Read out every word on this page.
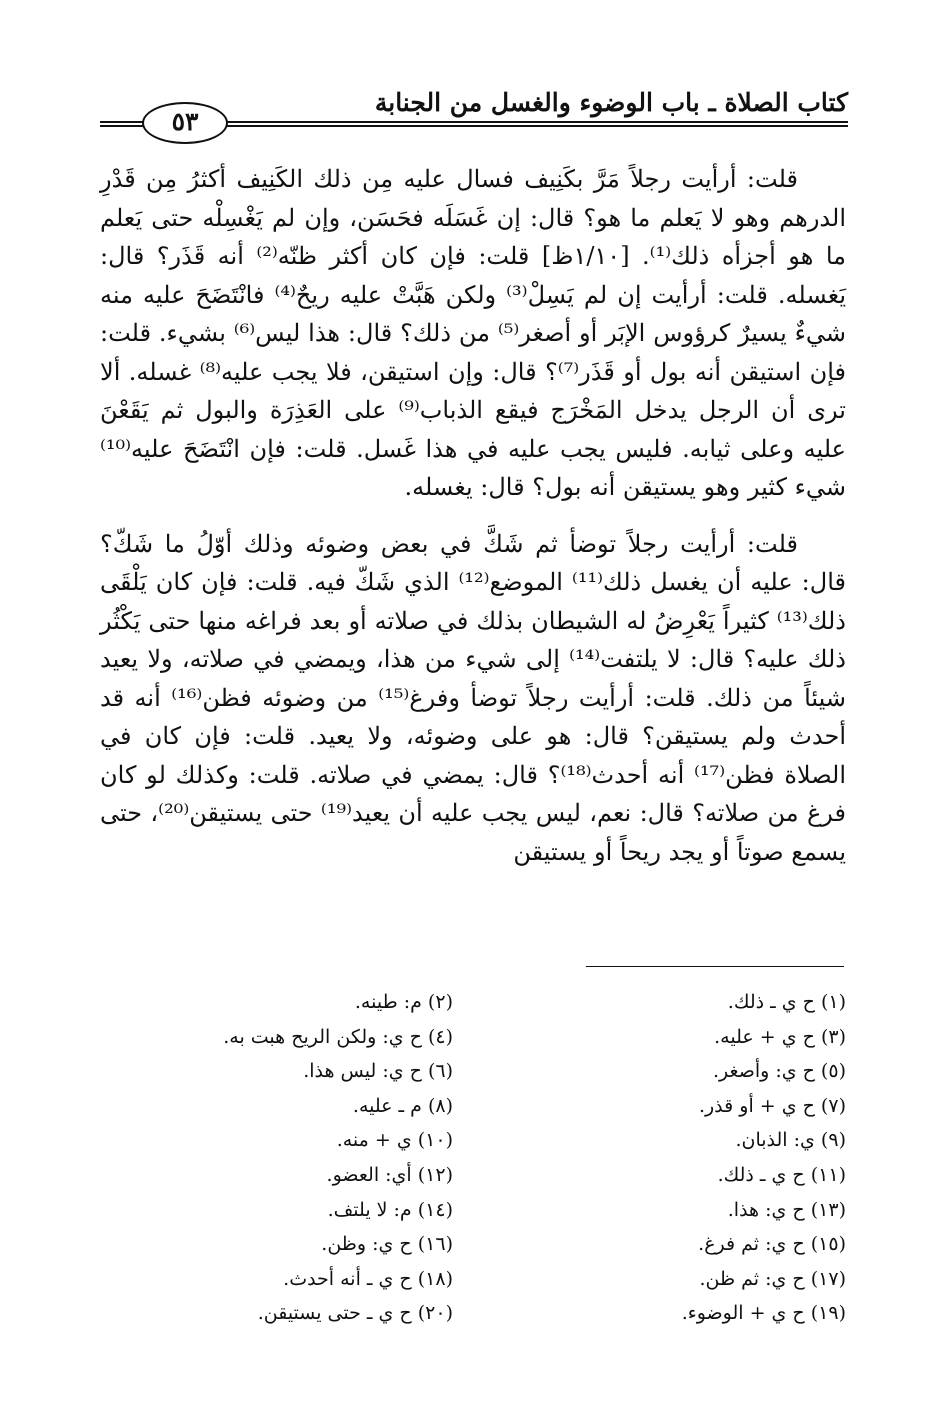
كتاب الصلاة ـ باب الوضوء والغسل من الجنابة
٥٣

قلت: أرأيت رجلاً مَرَّ بكَنِيف فسال عليه مِن ذلك الكَنِيف أكثرُ مِن قَدْرِ الدرهم وهو لا يَعلم ما هو؟ قال: إن غَسَلَه فحَسَن، وإن لم يَغْسِلْه حتى يَعلم ما هو أجزأه ذلك⁽¹⁾. [١/١٠ظ] قلت: فإن كان أكثر ظنّه⁽²⁾ أنه قَذَر؟ قال: يَغسله. قلت: أرأيت إن لم يَسِلْ⁽³⁾ ولكن هَبَّتْ عليه ريحٌ⁽⁴⁾ فانْتَضَحَ عليه منه شيءٌ يسيرٌ كرؤوس الإبَر أو أصغر⁽⁵⁾ من ذلك؟ قال: هذا ليس⁽⁶⁾ بشيء. قلت: فإن استيقن أنه بول أو قَذَر⁽⁷⁾؟ قال: وإن استيقن، فلا يجب عليه⁽⁸⁾ غسله. ألا ترى أن الرجل يدخل المَخْرَج فيقع الذباب⁽⁹⁾ على العَذِرَة والبول ثم يَقَعْنَ عليه وعلى ثيابه. فليس يجب عليه في هذا غَسل. قلت: فإن انْتَضَحَ عليه⁽¹⁰⁾ شيء كثير وهو يستيقن أنه بول؟ قال: يغسله.

قلت: أرأيت رجلاً توضأ ثم شَكَّ في بعض وضوئه وذلك أوّلُ ما شَكّ؟ قال: عليه أن يغسل ذلك⁽¹¹⁾ الموضع⁽¹²⁾ الذي شَكّ فيه. قلت: فإن كان يَلْقَى ذلك⁽¹³⁾ كثيراً يَعْرِضُ له الشيطان بذلك في صلاته أو بعد فراغه منها حتى يَكْثُر ذلك عليه؟ قال: لا يلتفت⁽¹⁴⁾ إلى شيء من هذا، ويمضي في صلاته، ولا يعيد شيئاً من ذلك. قلت: أرأيت رجلاً توضأ وفرغ⁽¹⁵⁾ من وضوئه فظن⁽¹⁶⁾ أنه قد أحدث ولم يستيقن؟ قال: هو على وضوئه، ولا يعيد. قلت: فإن كان في الصلاة فظن⁽¹⁷⁾ أنه أحدث⁽¹⁸⁾؟ قال: يمضي في صلاته. قلت: وكذلك لو كان فرغ من صلاته؟ قال: نعم، ليس يجب عليه أن يعيد⁽¹⁹⁾ حتى يستيقن⁽²⁰⁾، حتى يسمع صوتاً أو يجد ريحاً أو يستيقن

(١) ح ي ـ ذلك.
(٢) م: طينه.
(٣) ح ي + عليه.
(٤) ح ي: ولكن الريح هبت به.
(٥) ح ي: وأصغر.
(٦) ح ي: ليس هذا.
(٧) ح ي + أو قذر.
(٨) م ـ عليه.
(٩) ي: الذبان.
(١٠) ي + منه.
(١١) ح ي ـ ذلك.
(١٢) أي: العضو.
(١٣) ح ي: هذا.
(١٤) م: لا يلتف.
(١٥) ح ي: ثم فرغ.
(١٦) ح ي: وظن.
(١٧) ح ي: ثم ظن.
(١٨) ح ي ـ أنه أحدث.
(١٩) ح ي + الوضوء.
(٢٠) ح ي ـ حتى يستيقن.
